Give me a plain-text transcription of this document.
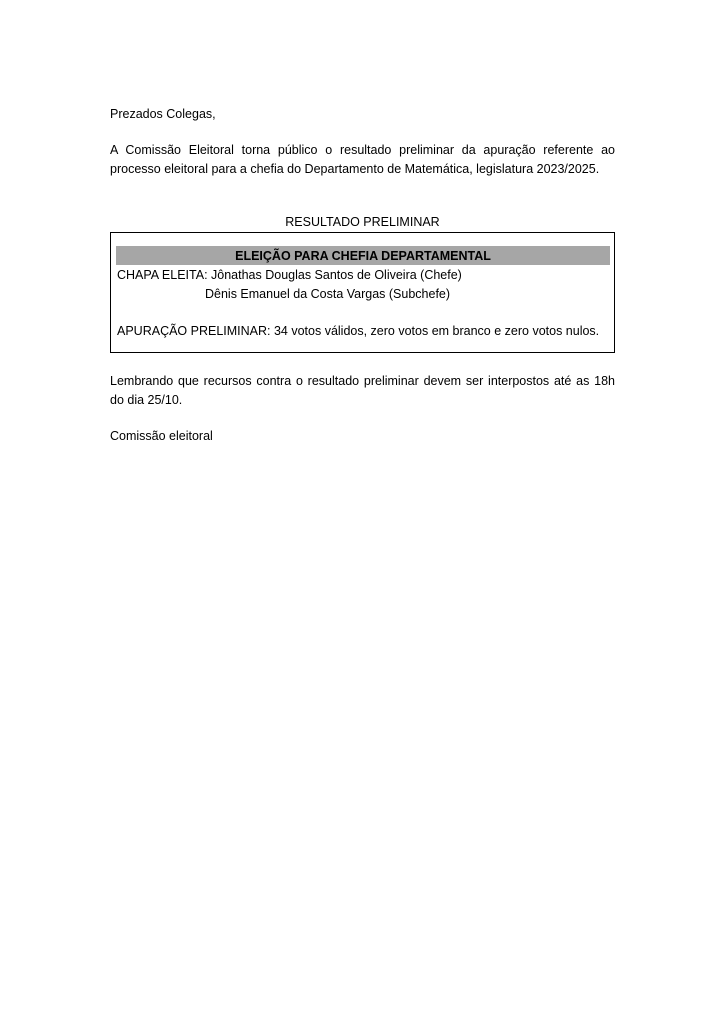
Prezados Colegas,

A Comissão Eleitoral torna público o resultado preliminar da apuração referente ao processo eleitoral para a chefia do Departamento de Matemática, legislatura 2023/2025.

RESULTADO PRELIMINAR

ELEIÇÃO PARA CHEFIA DEPARTAMENTAL

CHAPA ELEITA: Jônathas Douglas Santos de Oliveira (Chefe)

Dênis Emanuel da Costa Vargas (Subchefe)

APURAÇÃO PRELIMINAR: 34 votos válidos, zero votos em branco e zero votos nulos.

Lembrando que recursos contra o resultado preliminar devem ser interpostos até as 18h do dia 25/10.

Comissão eleitoral
